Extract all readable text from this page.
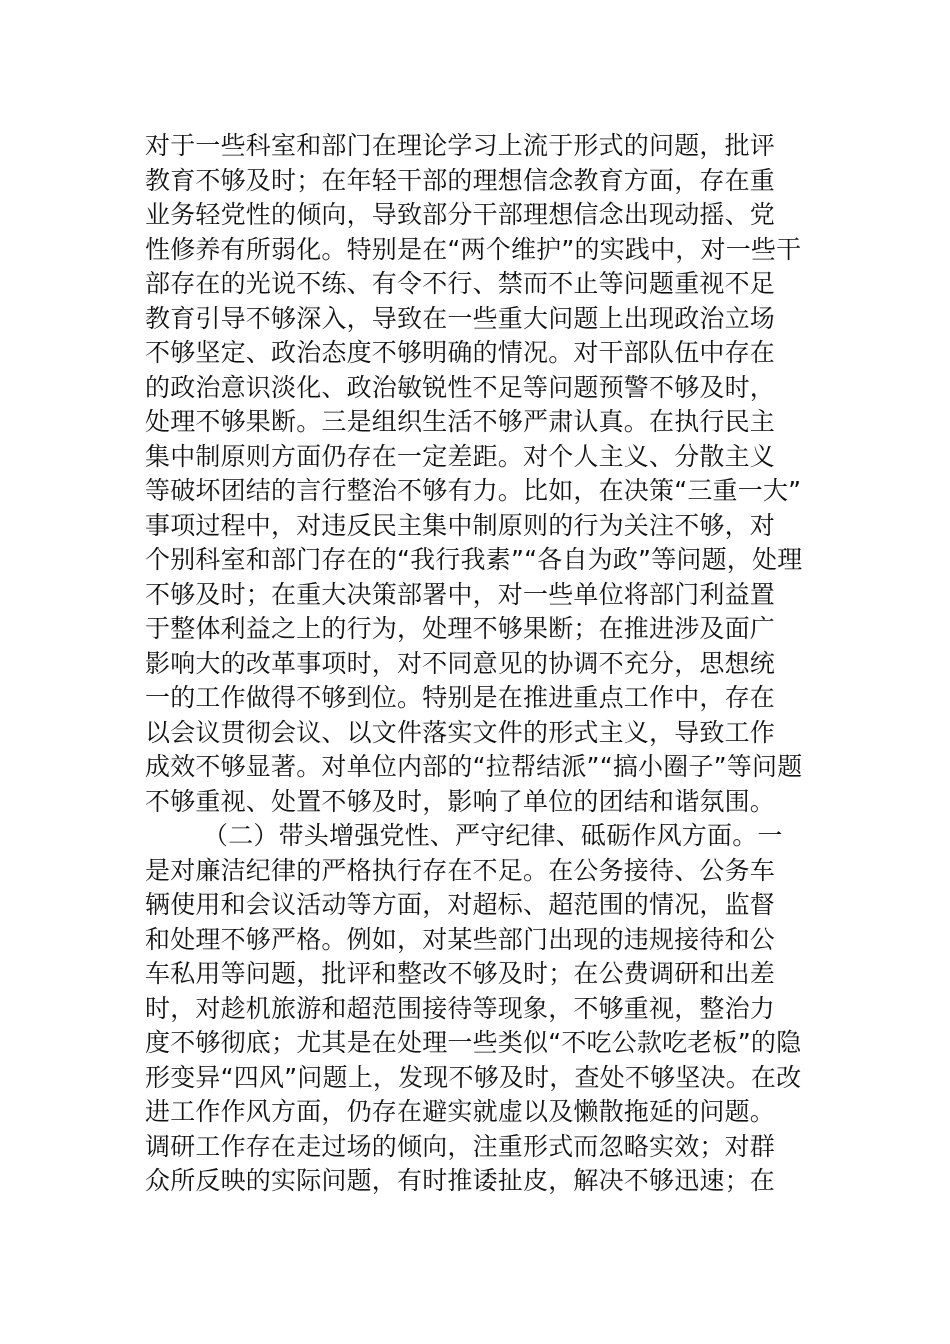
对于一些科室和部门在理论学习上流于形式的问题，批评
教育不够及时；在年轻干部的理想信念教育方面，存在重
业务轻党性的倾向，导致部分干部理想信念出现动摇、党
性修养有所弱化。特别是在“两个维护”的实践中，对一些干
部存在的光说不练、有令不行、禁而不止等问题重视不足
教育引导不够深入，导致在一些重大问题上出现政治立场
不够坚定、政治态度不够明确的情况。对干部队伍中存在
的政治意识淡化、政治敏锐性不足等问题预警不够及时，
处理不够果断。三是组织生活不够严肃认真。在执行民主
集中制原则方面仍存在一定差距。对个人主义、分散主义
等破坏团结的言行整治不够有力。比如，在决策“三重一大”
事项过程中，对违反民主集中制原则的行为关注不够，对
个别科室和部门存在的“我行我素”“各自为政”等问题，处理
不够及时；在重大决策部署中，对一些单位将部门利益置
于整体利益之上的行为，处理不够果断；在推进涉及面广
影响大的改革事项时，对不同意见的协调不充分，思想统
一的工作做得不够到位。特别是在推进重点工作中，存在
以会议贯彻会议、以文件落实文件的形式主义，导致工作
成效不够显著。对单位内部的“拉帮结派”“搞小圈子”等问题
不够重视、处置不够及时，影响了单位的团结和谐氛围。
（二）带头增强党性、严守纪律、砥砺作风方面。一
是对廉洁纪律的严格执行存在不足。在公务接待、公务车
辆使用和会议活动等方面，对超标、超范围的情况，监督
和处理不够严格。例如，对某些部门出现的违规接待和公
车私用等问题，批评和整改不够及时；在公费调研和出差
时，对趁机旅游和超范围接待等现象，不够重视，整治力
度不够彻底；尤其是在处理一些类似“不吃公款吃老板”的隐
形变异“四风”问题上，发现不够及时，查处不够坚决。在改
进工作作风方面，仍存在避实就虚以及懒散拖延的问题。
调研工作存在走过场的倾向，注重形式而忽略实效；对群
众所反映的实际问题，有时推诿扯皮，解决不够迅速；在
